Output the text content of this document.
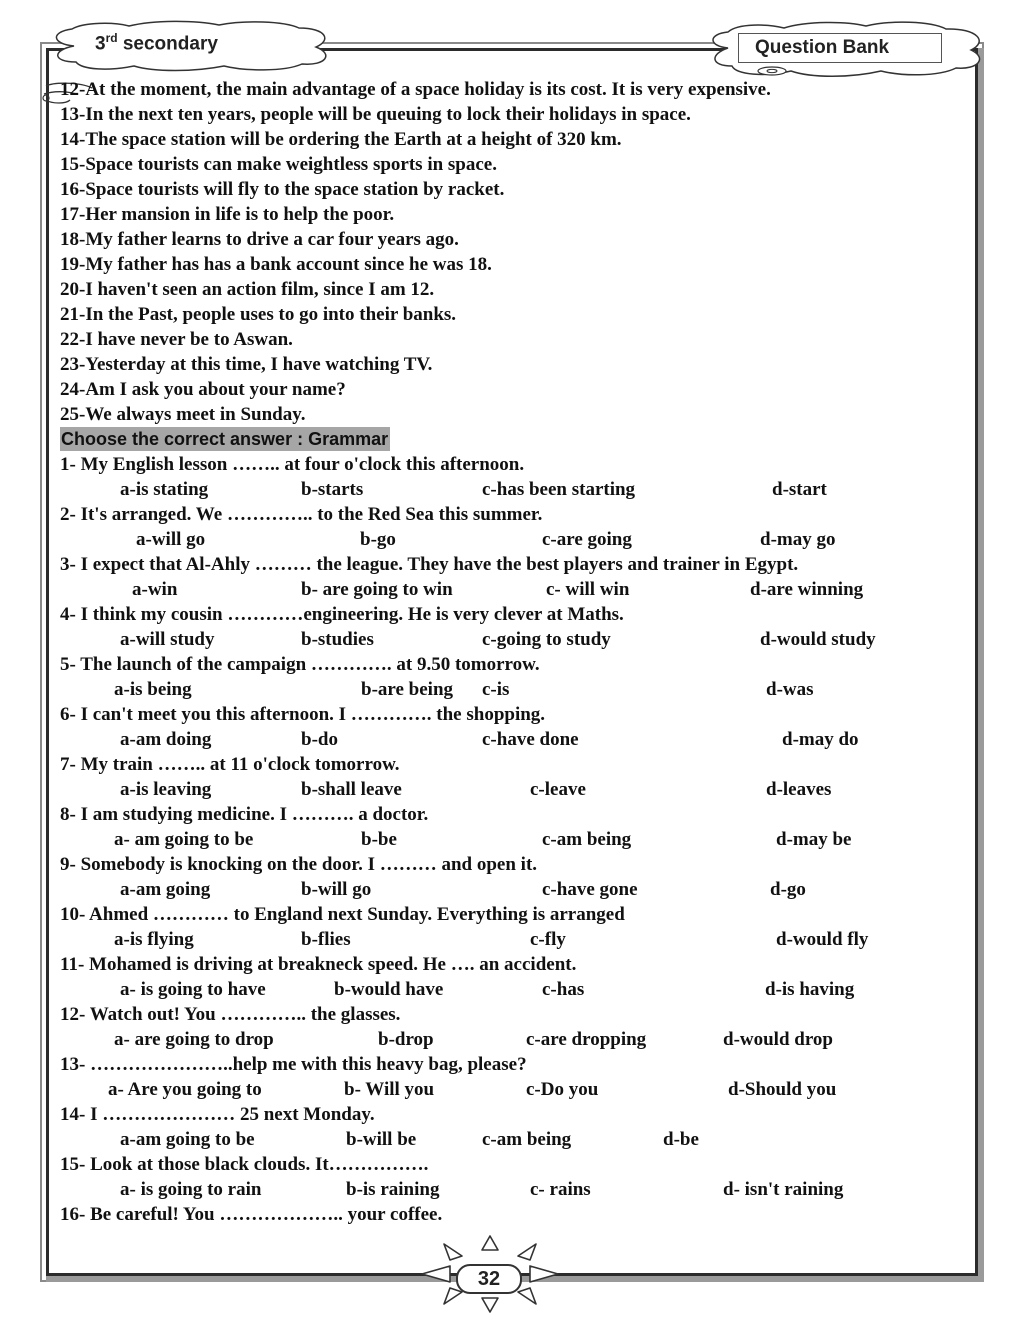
3rd secondary	Question Bank
12-At the moment, the main advantage of a space holiday is its cost. It is very expensive.
13-In the next ten years, people will be queuing to lock their holidays in space.
14-The space station will be ordering the Earth at a height of 320 km.
15-Space tourists can make weightless sports in space.
16-Space tourists will fly to the space station by racket.
17-Her mansion in life is to help the poor.
18-My father learns to drive a car four years ago.
19-My father has has a bank account since he was 18.
20-I haven't seen an action film, since I am 12.
21-In the Past, people uses to go into their banks.
22-I have never be to Aswan.
23-Yesterday at this time, I have watching TV.
24-Am I ask you about your name?
25-We always meet in Sunday.
Choose the correct answer : Grammar
1- My English lesson …….. at four o'clock this afternoon.
a-is stating	b-starts	c-has been starting	d-start
2- It's arranged. We ………….. to the Red Sea this summer.
a-will go	b-go	c-are going	d-may go
3- I expect that Al-Ahly ……… the league. They have the best players and trainer in Egypt.
a-win	b- are going to win	c- will win	d-are winning
4- I think my cousin …………engineering. He is very clever at Maths.
a-will study	b-studies	c-going to study	d-would study
5- The launch of the campaign …………. at 9.50 tomorrow.
a-is being	b-are being c-is	d-was
6- I can't meet you this afternoon. I …………. the shopping.
a-am doing	b-do	c-have done	d-may do
7- My train …….. at 11 o'clock tomorrow.
a-is leaving	b-shall leave	c-leave	d-leaves
8- I am studying medicine. I ………. a doctor.
a- am going to be	b-be	c-am being	d-may be
9- Somebody is knocking on the door. I ……… and open it.
a-am going	b-will go	c-have gone	d-go
10- Ahmed ………… to England next Sunday. Everything is arranged
a-is flying	b-flies	c-fly	d-would fly
11- Mohamed is driving at breakneck speed. He …. an accident.
a- is going to have	b-would have	c-has	d-is having
12- Watch out! You ………….. the glasses.
a- are going to drop	b-drop	c-are dropping	d-would drop
13- …………………..help me with this heavy bag, please?
a- Are you going to	b- Will you	c-Do you	d-Should you
14- I ………………… 25 next Monday.
a-am going to be	b-will be	c-am being	d-be
15- Look at those black clouds. It…………….
a- is going to rain	b-is raining	c- rains	d- isn't raining
16- Be careful! You ……………….. your coffee.
32
